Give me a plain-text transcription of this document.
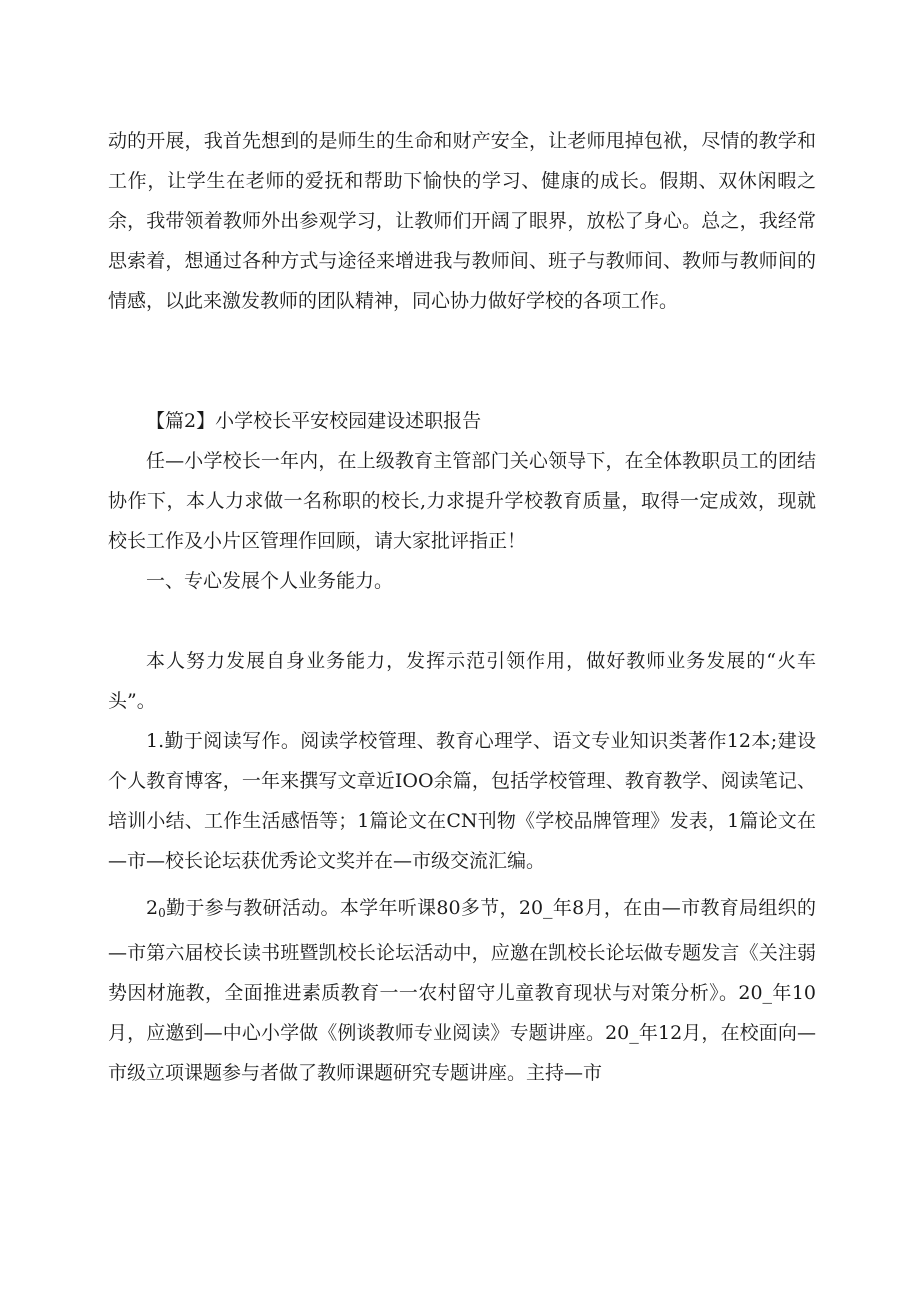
动的开展，我首先想到的是师生的生命和财产安全，让老师甩掉包袱，尽情的教学和工作，让学生在老师的爱抚和帮助下愉快的学习、健康的成长。假期、双休闲暇之余，我带领着教师外出参观学习，让教师们开阔了眼界，放松了身心。总之，我经常思索着，想通过各种方式与途径来增进我与教师间、班子与教师间、教师与教师间的情感，以此来激发教师的团队精神，同心协力做好学校的各项工作。

【篇2】小学校长平安校园建设述职报告

任—小学校长一年内，在上级教育主管部门关心领导下，在全体教职员工的团结协作下，本人力求做一名称职的校长,力求提升学校教育质量，取得一定成效，现就校长工作及小片区管理作回顾，请大家批评指正！

一、专心发展个人业务能力。

本人努力发展自身业务能力，发挥示范引领作用，做好教师业务发展的“火车头”。

1.勤于阅读写作。阅读学校管理、教育心理学、语文专业知识类著作12本;建设个人教育博客，一年来撰写文章近IOO余篇，包括学校管理、教育教学、阅读笔记、培训小结、工作生活感悟等；1篇论文在CN刊物《学校品牌管理》发表，1篇论文在—市—校长论坛获优秀论文奖并在—市级交流汇编。

$2_0$勤于参与教研活动。本学年听课80多节，20_年8月，在由—市教育局组织的—市第六届校长读书班暨凯校长论坛活动中，应邀在凯校长论坛做专题发言《关注弱势因材施教，全面推进素质教育一一农村留守儿童教育现状与对策分析》。20_年10月，应邀到—中心小学做《例谈教师专业阅读》专题讲座。20_年12月，在校面向—市级立项课题参与者做了教师课题研究专题讲座。主持—市
